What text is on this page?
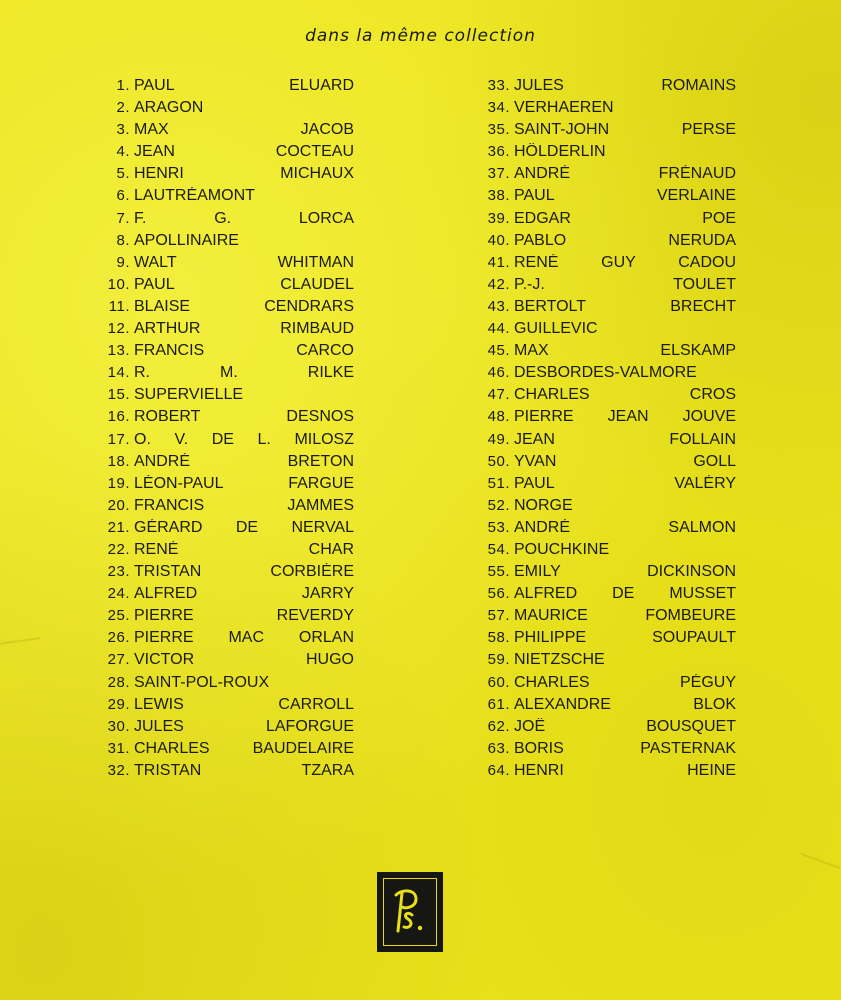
dans la même collection
1. PAUL ELUARD
2. ARAGON
3. MAX JACOB
4. JEAN COCTEAU
5. HENRI MICHAUX
6. LAUTRÉAMONT
7. F. G. LORCA
8. APOLLINAIRE
9. WALT WHITMAN
10. PAUL CLAUDEL
11. BLAISE CENDRARS
12. ARTHUR RIMBAUD
13. FRANCIS CARCO
14. R. M. RILKE
15. SUPERVIELLE
16. ROBERT DESNOS
17. O. V. DE L. MILOSZ
18. ANDRÉ BRETON
19. LÉON-PAUL FARGUE
20. FRANCIS JAMMES
21. GÉRARD DE NERVAL
22. RENÉ CHAR
23. TRISTAN CORBIÈRE
24. ALFRED JARRY
25. PIERRE REVERDY
26. PIERRE MAC ORLAN
27. VICTOR HUGO
28. SAINT-POL-ROUX
29. LEWIS CARROLL
30. JULES LAFORGUE
31. CHARLES BAUDELAIRE
32. TRISTAN TZARA
33. JULES ROMAINS
34. VERHAEREN
35. SAINT-JOHN PERSE
36. HÖLDERLIN
37. ANDRÉ FRÉNAUD
38. PAUL VERLAINE
39. EDGAR POE
40. PABLO NERUDA
41. RENÉ GUY CADOU
42. P.-J. TOULET
43. BERTOLT BRECHT
44. GUILLEVIC
45. MAX ELSKAMP
46. DESBORDES-VALMORE
47. CHARLES CROS
48. PIERRE JEAN JOUVE
49. JEAN FOLLAIN
50. YVAN GOLL
51. PAUL VALÉRY
52. NORGE
53. ANDRÉ SALMON
54. POUCHKINE
55. EMILY DICKINSON
56. ALFRED DE MUSSET
57. MAURICE FOMBEURE
58. PHILIPPE SOUPAULT
59. NIETZSCHE
60. CHARLES PÉGUY
61. ALEXANDRE BLOK
62. JOË BOUSQUET
63. BORIS PASTERNAK
64. HENRI HEINE
